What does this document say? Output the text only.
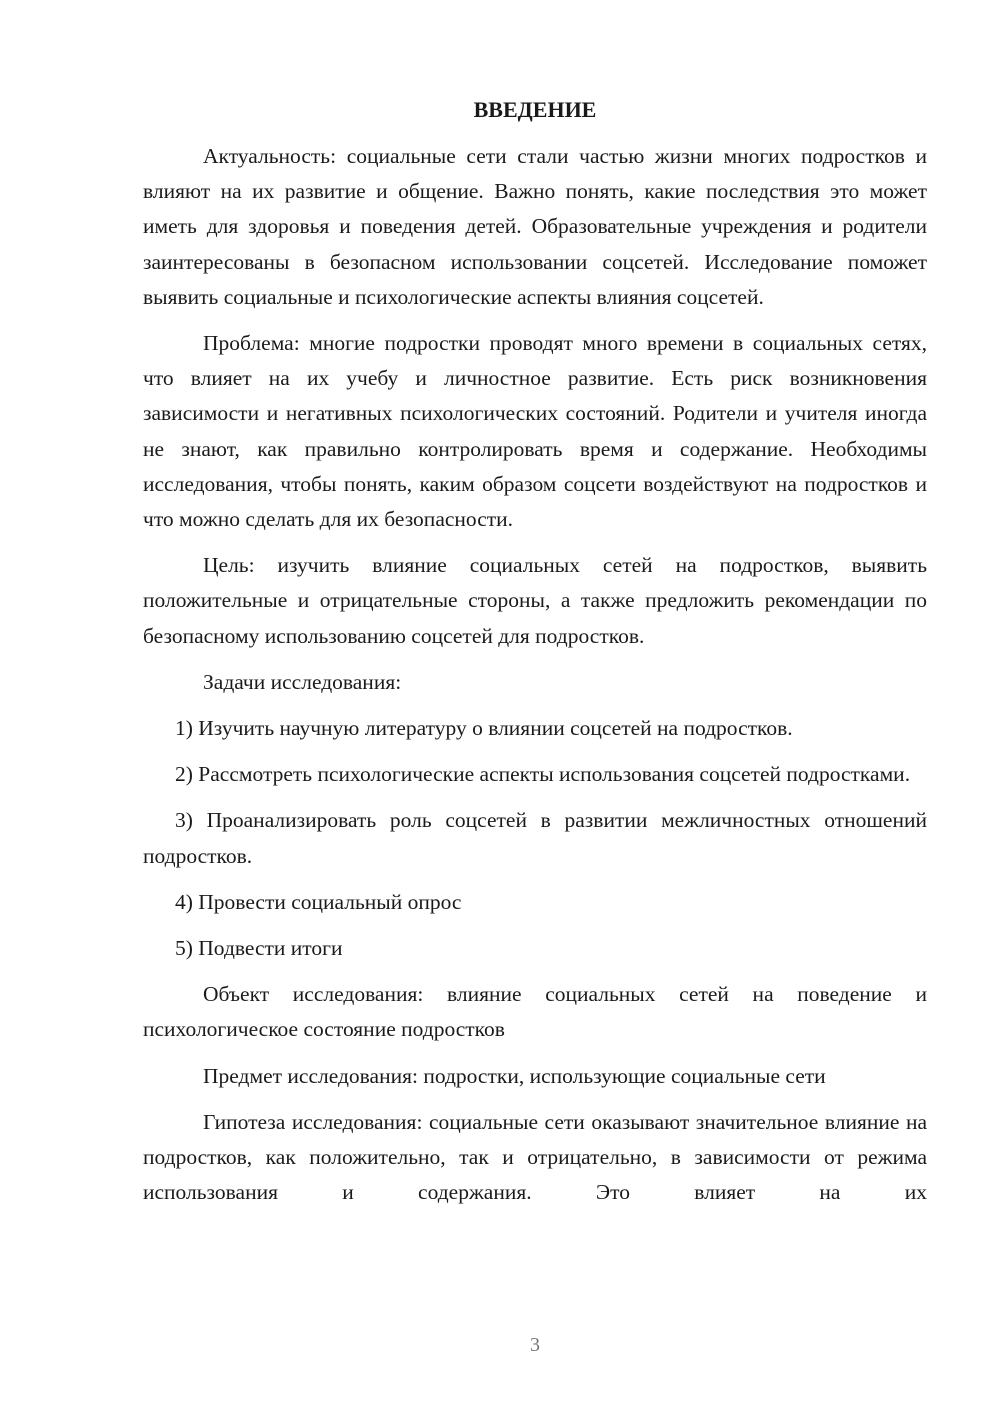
ВВЕДЕНИЕ

Актуальность: социальные сети стали частью жизни многих подростков и влияют на их развитие и общение. Важно понять, какие последствия это может иметь для здоровья и поведения детей. Образовательные учреждения и родители заинтересованы в безопасном использовании соцсетей. Исследование поможет выявить социальные и психологические аспекты влияния соцсетей.

Проблема: многие подростки проводят много времени в социальных сетях, что влияет на их учебу и личностное развитие. Есть риск возникновения зависимости и негативных психологических состояний. Родители и учителя иногда не знают, как правильно контролировать время и содержание. Необходимы исследования, чтобы понять, каким образом соцсети воздействуют на подростков и что можно сделать для их безопасности.

Цель: изучить влияние социальных сетей на подростков, выявить положительные и отрицательные стороны, а также предложить рекомендации по безопасному использованию соцсетей для подростков.

Задачи исследования:

1) Изучить научную литературу о влиянии соцсетей на подростков.

2) Рассмотреть психологические аспекты использования соцсетей подростками.

3) Проанализировать роль соцсетей в развитии межличностных отношений подростков.

4) Провести социальный опрос

5) Подвести итоги

Объект исследования: влияние социальных сетей на поведение и психологическое состояние подростков

Предмет исследования: подростки, использующие социальные сети

Гипотеза исследования: социальные сети оказывают значительное влияние на подростков, как положительно, так и отрицательно, в зависимости от режима использования и содержания. Это влияет на их

3
